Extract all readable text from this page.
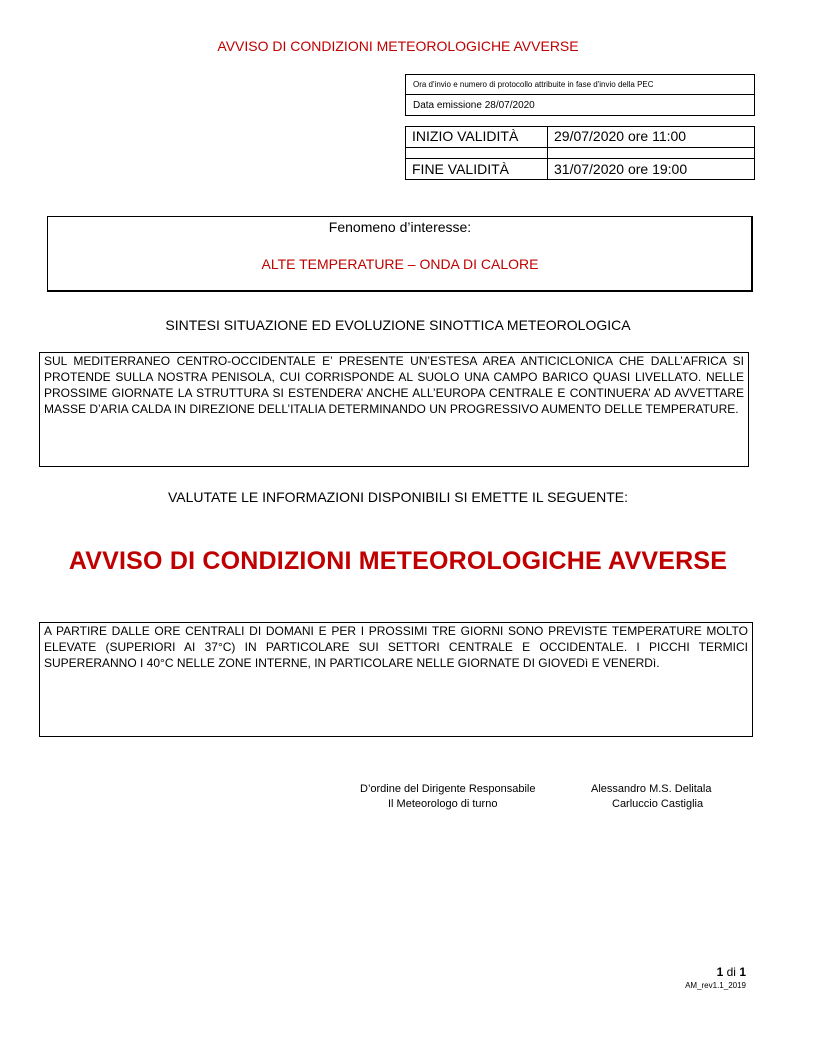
AVVISO DI CONDIZIONI METEOROLOGICHE AVVERSE
Ora d'invio e numero di protocollo attribuite in fase d'invio della PEC
Data emissione 28/07/2020
INIZIO VALIDITÀ	29/07/2020 ore 11:00
FINE VALIDITÀ	31/07/2020 ore 19:00
Fenomeno d’interesse:
ALTE TEMPERATURE – ONDA DI CALORE
SINTESI SITUAZIONE ED EVOLUZIONE SINOTTICA METEOROLOGICA
SUL MEDITERRANEO CENTRO-OCCIDENTALE E’ PRESENTE UN’ESTESA AREA ANTICICLONICA CHE DALL’AFRICA SI PROTENDE SULLA NOSTRA PENISOLA, CUI CORRISPONDE AL SUOLO UNA CAMPO BARICO QUASI LIVELLATO. NELLE PROSSIME GIORNATE LA STRUTTURA SI ESTENDERA’ ANCHE ALL’EUROPA CENTRALE E CONTINUERA’ AD AVVETTARE MASSE D’ARIA CALDA IN DIREZIONE DELL’ITALIA DETERMINANDO UN PROGRESSIVO AUMENTO DELLE TEMPERATURE.
VALUTATE LE INFORMAZIONI DISPONIBILI SI EMETTE IL SEGUENTE:
AVVISO DI CONDIZIONI METEOROLOGICHE AVVERSE
A PARTIRE DALLE ORE CENTRALI DI DOMANI E PER I PROSSIMI TRE GIORNI SONO PREVISTE TEMPERATURE MOLTO ELEVATE (SUPERIORI AI 37°C) IN PARTICOLARE SUI SETTORI CENTRALE E OCCIDENTALE. I PICCHI TERMICI SUPERERANNO I 40°C NELLE ZONE INTERNE, IN PARTICOLARE NELLE GIORNATE DI GIOVEDì E VENERDì.
D’ordine del Dirigente Responsabile
Il Meteorologo di turno
Alessandro M.S. Delitala
Carluccio Castiglia
1 di 1
AM_rev1.1_2019
